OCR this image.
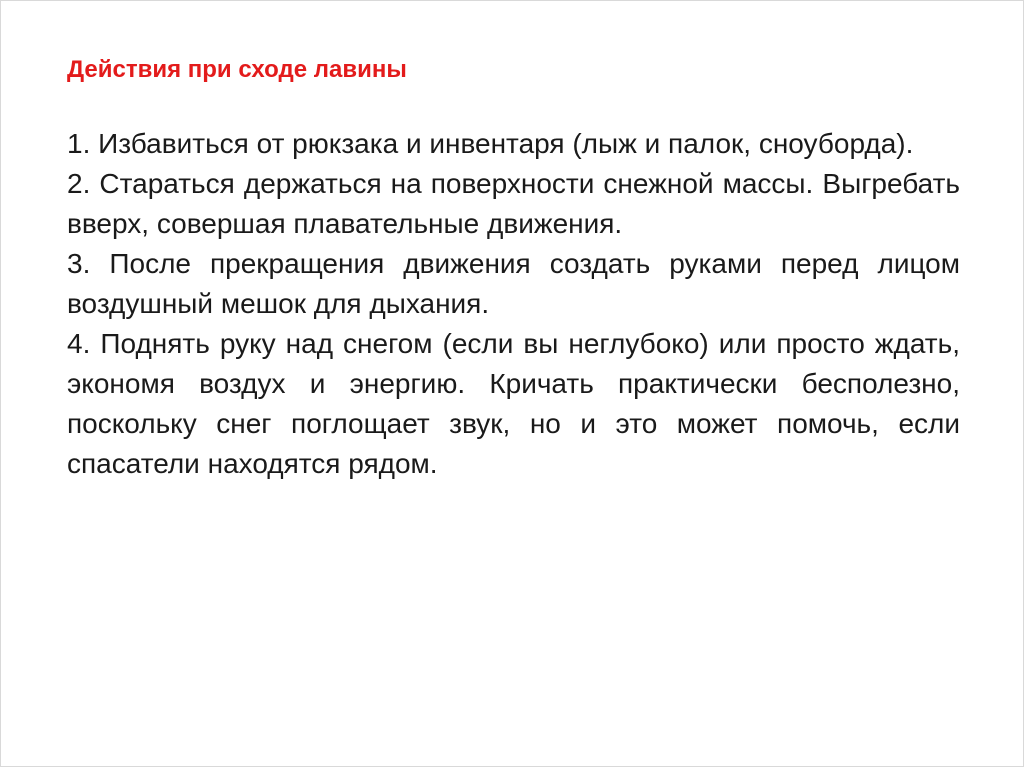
Действия при сходе лавины

1. Избавиться от рюкзака и инвентаря (лыж и палок, сноуборда).

2. Стараться держаться на поверхности снежной массы. Выгребать вверх, совершая плавательные движения.

3. После прекращения движения создать руками перед лицом воздушный мешок для дыхания.

4. Поднять руку над снегом (если вы неглубоко) или просто ждать, экономя воздух и энергию. Кричать практически бесполезно, поскольку снег поглощает звук, но и это может помочь, если спасатели находятся рядом.
